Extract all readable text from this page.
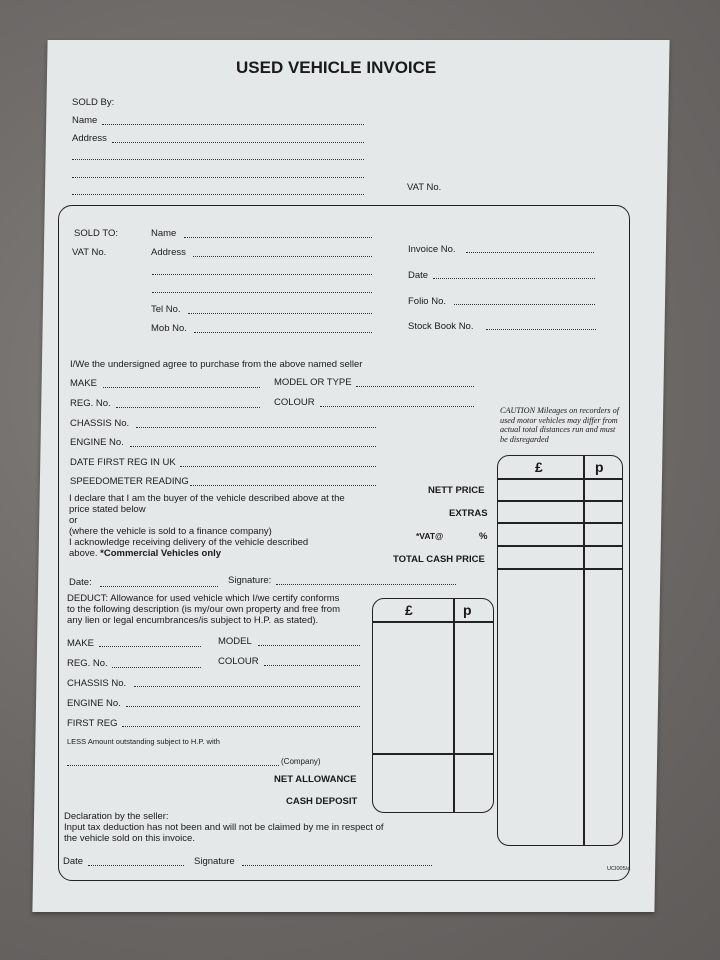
USED VEHICLE INVOICE
SOLD By:
Name
Address
VAT No.
SOLD TO:
VAT No.
Name
Address
Tel No.
Mob No.
Invoice No.
Date
Folio No.
Stock Book No.
I/We the undersigned agree to purchase from the above named seller
MAKE	MODEL OR TYPE
REG. No.	COLOUR
CHASSIS No.
ENGINE No.
DATE FIRST REG IN UK
SPEEDOMETER READING
I declare that I am the buyer of the vehicle described above at the
price stated below
or
(where the vehicle is sold to a finance company)
I acknowledge receiving delivery of the vehicle described
above. *Commercial Vehicles only
Date:	Signature:
CAUTION Mileages on recorders of used motor vehicles may differ from actual total distances run and must be disregarded
£	p
NETT PRICE
EXTRAS
*VAT@	%
TOTAL CASH PRICE
DEDUCT: Allowance for used vehicle which I/we certify conforms
to the following description (is my/our own property and free from
any lien or legal encumbrances/is subject to H.P. as stated).
MAKE	MODEL
REG. No.	COLOUR
CHASSIS No.
ENGINE No.
FIRST REG
LESS Amount outstanding subject to H.P. with
(Company)
NET ALLOWANCE
CASH DEPOSIT
£	p
Declaration by the seller:
Input tax deduction has not been and will not be claimed by me in respect of
the vehicle sold on this invoice.
Date	Signature
UCI005/a
